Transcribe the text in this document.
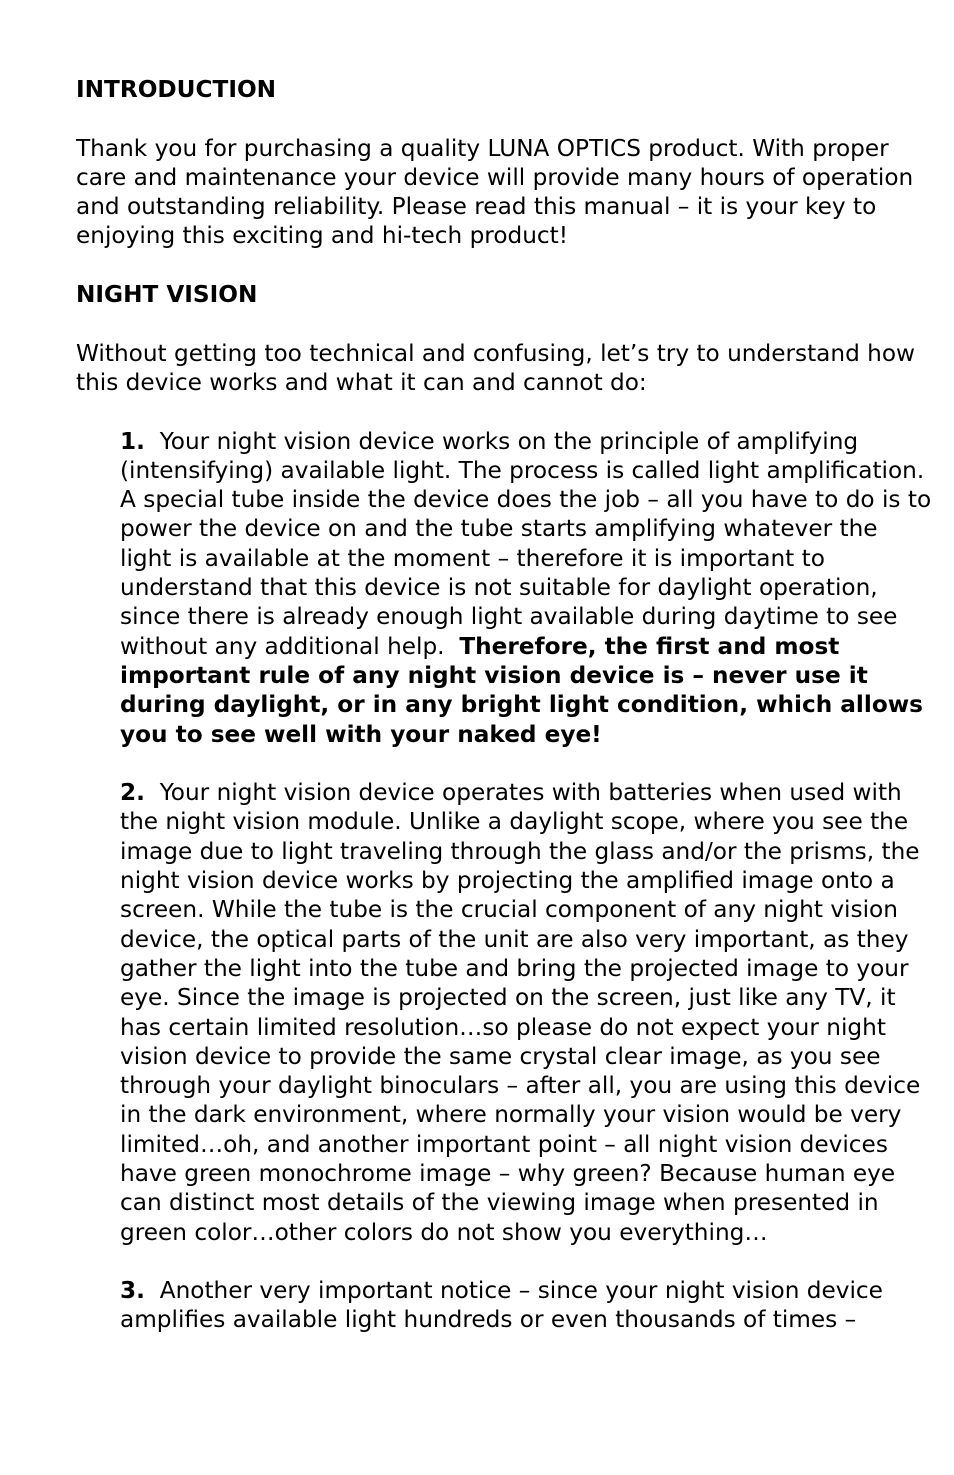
INTRODUCTION
Thank you for purchasing a quality LUNA OPTICS product. With proper care and maintenance your device will provide many hours of operation and outstanding reliability. Please read this manual – it is your key to enjoying this exciting and hi-tech product!
NIGHT VISION
Without getting too technical and confusing, let’s try to understand how this device works and what it can and cannot do:
1. Your night vision device works on the principle of amplifying (intensifying) available light. The process is called light amplification. A special tube inside the device does the job – all you have to do is to power the device on and the tube starts amplifying whatever the light is available at the moment – therefore it is important to understand that this device is not suitable for daylight operation, since there is already enough light available during daytime to see without any additional help. Therefore, the first and most important rule of any night vision device is – never use it during daylight, or in any bright light condition, which allows you to see well with your naked eye!
2. Your night vision device operates with batteries when used with the night vision module. Unlike a daylight scope, where you see the image due to light traveling through the glass and/or the prisms, the night vision device works by projecting the amplified image onto a screen. While the tube is the crucial component of any night vision device, the optical parts of the unit are also very important, as they gather the light into the tube and bring the projected image to your eye. Since the image is projected on the screen, just like any TV, it has certain limited resolution…so please do not expect your night vision device to provide the same crystal clear image, as you see through your daylight binoculars – after all, you are using this device in the dark environment, where normally your vision would be very limited…oh, and another important point – all night vision devices have green monochrome image – why green? Because human eye can distinct most details of the viewing image when presented in green color…other colors do not show you everything…
3. Another very important notice – since your night vision device amplifies available light hundreds or even thousands of times –
